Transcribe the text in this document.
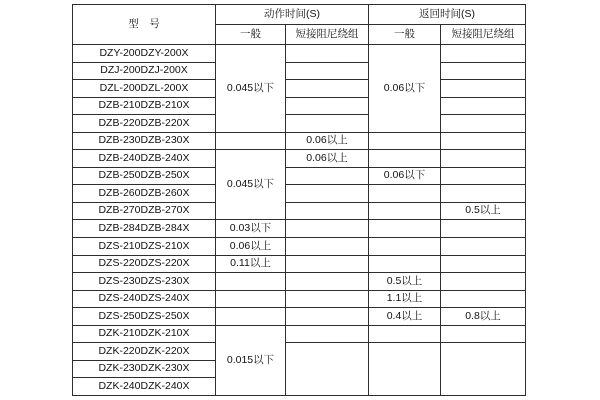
型　号	动作时间(S)		返回时间(S)	
	一般	短接阻尼绕组	一般	短接阻尼绕组
DZY-200DZY-200X	0.045以下		0.06以下	
DZJ-200DZJ-200X				
DZL-200DZL-200X				
DZB-210DZB-210X				
DZB-220DZB-220X				
DZB-230DZB-230X		0.06以上		
DZB-240DZB-240X	0.045以下	0.06以上		
DZB-250DZB-250X			0.06以下	
DZB-260DZB-260X				
DZB-270DZB-270X				0.5以上
DZB-284DZB-284X	0.03以下			
DZS-210DZS-210X	0.06以上			
DZS-220DZS-220X	0.11以上			
DZS-230DZS-230X			0.5以上	
DZS-240DZS-240X			1.1以上	
DZS-250DZS-250X			0.4以上	0.8以上
DZK-210DZK-210X	0.015以下			
DZK-220DZK-220X				
DZK-230DZK-230X				
DZK-240DZK-240X				
